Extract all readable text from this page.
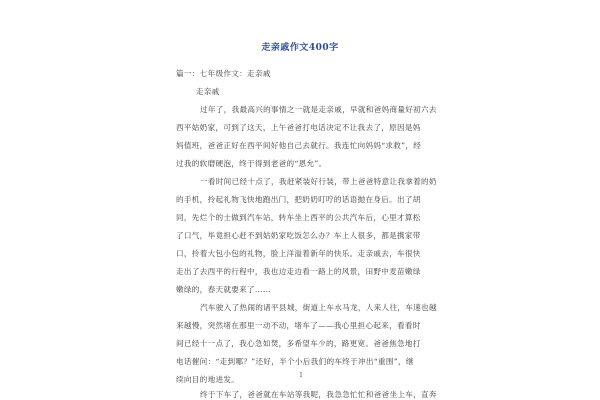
走亲戚作文400字
篇一：七年级作文：走亲戚
走亲戚
过年了，我最高兴的事情之一就是走亲戚，早就和爸妈商量好初六去
西平姑奶家，可到了这天，上午爸爸打电话决定不让我去了，原因是妈
妈值班，爸爸正好在西平间好他自己去就行。我连忙向妈妈“求救”，经
过我的软磨硬泡，终于得到老爸的“恩允”。
一看时间已经十点了，我赶紧装好行装，带上爸爸特意让我拿着的奶
的手机，拎起礼物飞快地跑出门，把奶奶叮咛的话语抛在身后。出了胡
同，先烂个的士做到汽车站，转车坐上西平的公共汽车后，心里才算松
了口气，毕竟担心赶不到姑奶家吃饭怎么办？车上人很多，都是携家带
口，拎着大包小包的礼物，脸上洋溢着新年的快乐。走亲戚去，车很快
走出了去西平的行程中，我也边走边看一路上的风景，田野中麦苗嫩绿
嫩绿的，春天就要来了……
汽车驶入了热闹的诸平县城，街道上车水马龙，人来人往，车速也越
来越慢，突然堵在那里一动不动，堵车了——我心里担心起来，看看时
间已经十一点了，我心急如焚，多希望车少的，路更宽。爸爸焦急地打
电话催问：“走到哪？”还好，半个小后我们的车终于冲出“重围”，继
续向目的地进发。
终于下车了，爸爸就在车站等我呢，我急急忙忙和爸爸坐上车，直奔
1
